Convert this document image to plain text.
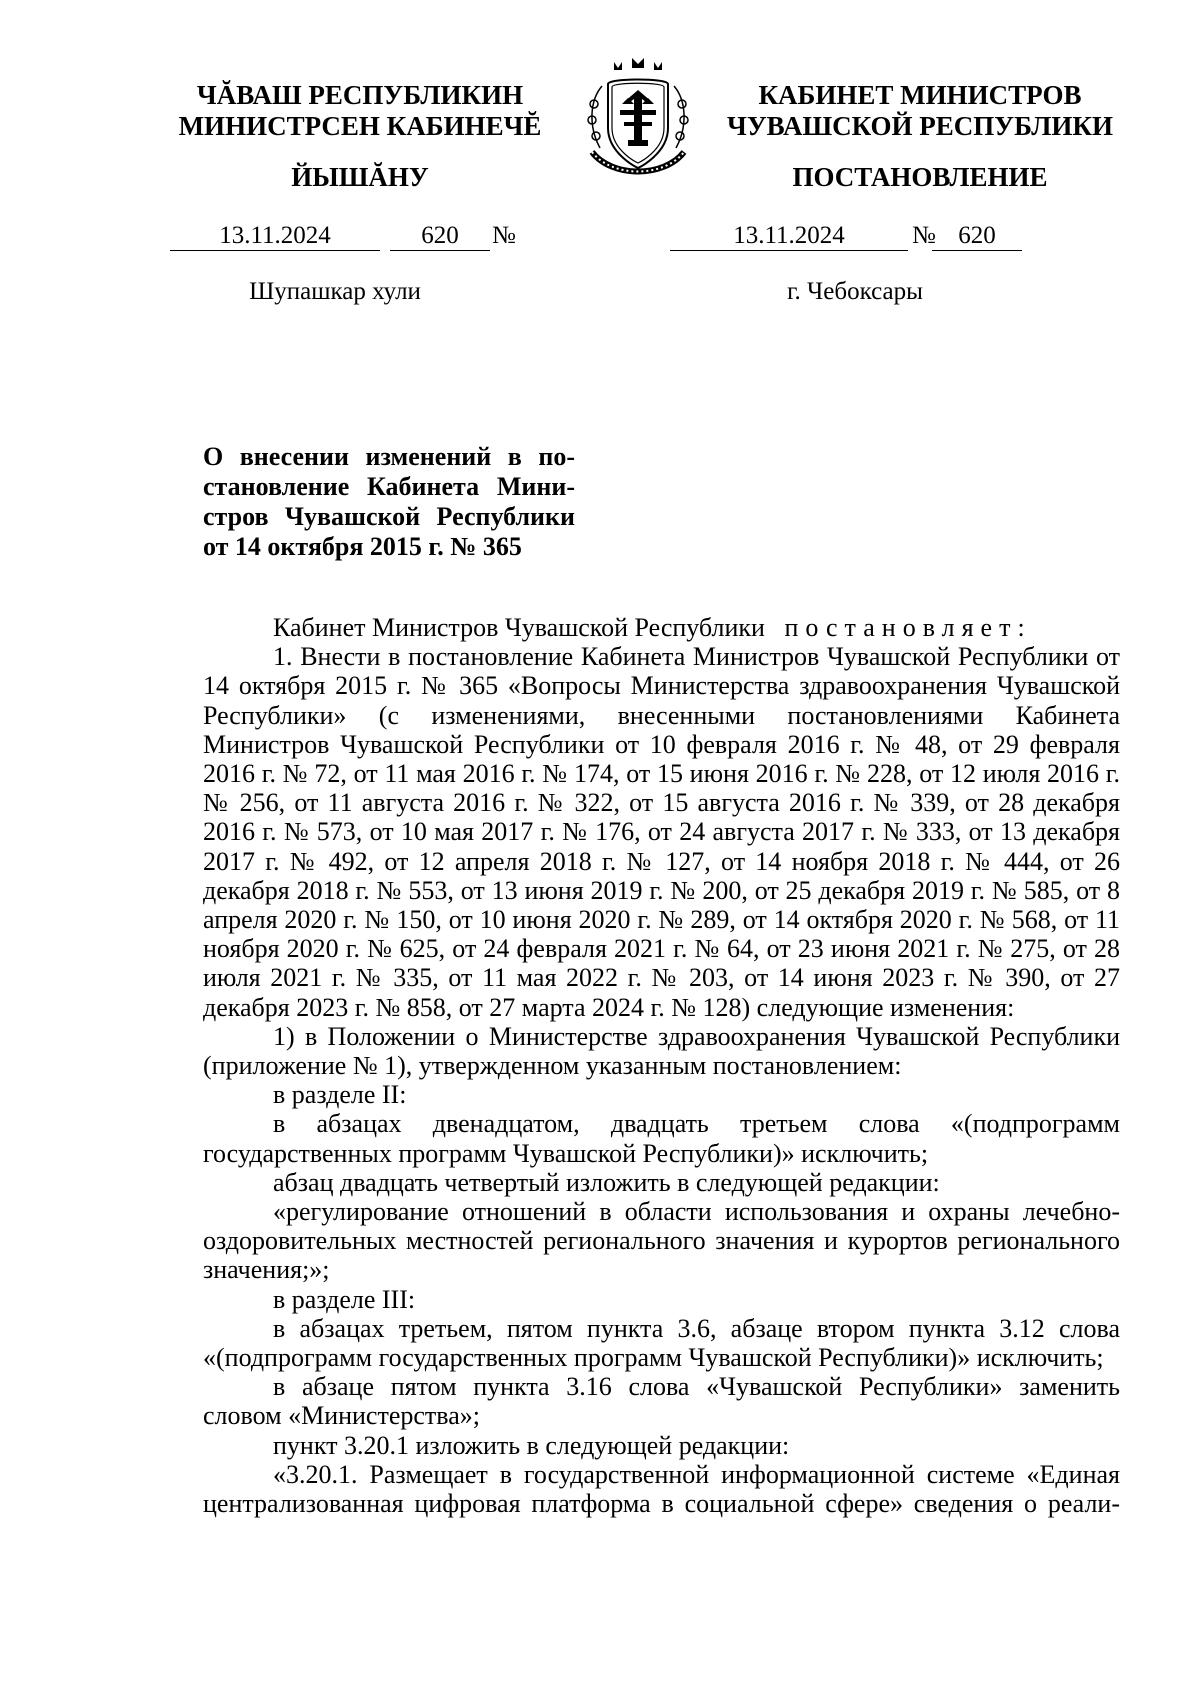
ЧĂВАШ РЕСПУБЛИКИН
МИНИСТРСЕН КАБИНЕЧĔ
ЙЫШĂНУ
КАБИНЕТ МИНИСТРОВ
ЧУВАШСКОЙ РЕСПУБЛИКИ
ПОСТАНОВЛЕНИЕ
13.11.2024	620	№	13.11.2024	№ 620
Шупашкар хули	г. Чебоксары
О внесении изменений в по-
становление Кабинета Мини-
стров Чувашской Республики
от 14 октября 2015 г. № 365

Кабинет Министров Чувашской Республики постановляет:

1. Внести в постановление Кабинета Министров Чувашской Республики от 14 октября 2015 г. № 365 «Вопросы Министерства здравоохранения Чувашской Республики» (с изменениями, внесенными постановлениями Кабинета Министров Чувашской Республики от 10 февраля 2016 г. № 48, от 29 февраля 2016 г. № 72, от 11 мая 2016 г. № 174, от 15 июня 2016 г. № 228, от 12 июля 2016 г. № 256, от 11 августа 2016 г. № 322, от 15 августа 2016 г. № 339, от 28 декабря 2016 г. № 573, от 10 мая 2017 г. № 176, от 24 августа 2017 г. № 333, от 13 декабря 2017 г. № 492, от 12 апреля 2018 г. № 127, от 14 ноября 2018 г. № 444, от 26 декабря 2018 г. № 553, от 13 июня 2019 г. № 200, от 25 декабря 2019 г. № 585, от 8 апреля 2020 г. № 150, от 10 июня 2020 г. № 289, от 14 октября 2020 г. № 568, от 11 ноября 2020 г. № 625, от 24 февраля 2021 г. № 64, от 23 июня 2021 г. № 275, от 28 июля 2021 г. № 335, от 11 мая 2022 г. № 203, от 14 июня 2023 г. № 390, от 27 декабря 2023 г. № 858, от 27 марта 2024 г. № 128) следующие изменения:

1) в Положении о Министерстве здравоохранения Чувашской Республики (приложение № 1), утвержденном указанным постановлением:

в разделе II:

в абзацах двенадцатом, двадцать третьем слова «(подпрограмм государственных программ Чувашской Республики)» исключить;

абзац двадцать четвертый изложить в следующей редакции:

«регулирование отношений в области использования и охраны лечебно-оздоровительных местностей регионального значения и курортов регионального значения;»;

в разделе III:

в абзацах третьем, пятом пункта 3.6, абзаце втором пункта 3.12 слова «(подпрограмм государственных программ Чувашской Республики)» исключить;

в абзаце пятом пункта 3.16 слова «Чувашской Республики» заменить словом «Министерства»;

пункт 3.20.1 изложить в следующей редакции:

«3.20.1. Размещает в государственной информационной системе «Единая централизованная цифровая платформа в социальной сфере» сведения о реали-
